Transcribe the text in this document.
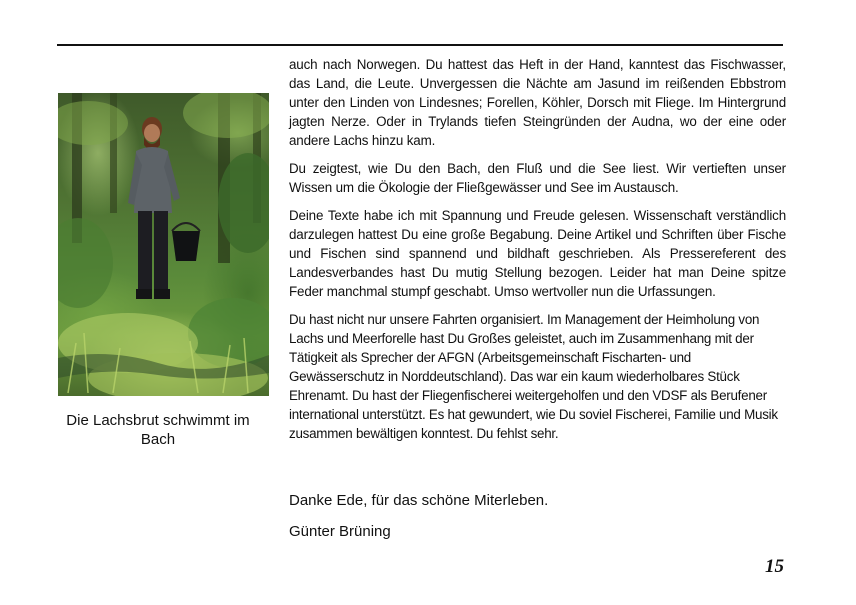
Die Lachsbrut schwimmt im Bach

auch nach Norwegen. Du hattest das Heft in der Hand, kanntest das Fischwasser, das Land, die Leute. Unvergessen die Nächte am Jasund im reißenden Ebbstrom unter den Linden von Lindesnes; Forellen, Köhler, Dorsch mit Fliege. Im Hintergrund jagten Nerze. Oder in Trylands tiefen Steingründen der Audna, wo der eine oder andere Lachs hinzu kam.

Du zeigtest, wie Du den Bach, den Fluß und die See liest. Wir vertieften unser Wissen um die Ökologie der Fließgewässer und See im Austausch.

Deine Texte habe ich mit Spannung und Freude gelesen. Wissenschaft verständlich darzulegen hattest Du eine große Begabung. Deine Artikel und Schriften über Fische und Fischen sind spannend und bildhaft geschrieben. Als Pressereferent des Landesverbandes hast Du mutig Stellung bezogen. Leider hat man Deine spitze Feder manchmal stumpf geschabt. Umso wertvoller nun die Urfassungen.

Du hast nicht nur unsere Fahrten organisiert. Im Management der Heimholung von Lachs und Meerforelle hast Du Großes geleistet, auch im Zusammenhang mit der Tätigkeit als Sprecher der AFGN (Arbeitsgemeinschaft Fischarten- und Gewässerschutz in Norddeutschland). Das war ein kaum wiederholbares Stück Ehrenamt. Du hast der Fliegenfischerei weitergeholfen und den VDSF als Berufener international unterstützt. Es hat gewundert, wie Du soviel Fischerei, Familie und Musik zusammen bewältigen konntest. Du fehlst sehr.

Danke Ede, für das schöne Miterleben.
Günter Brüning
15
